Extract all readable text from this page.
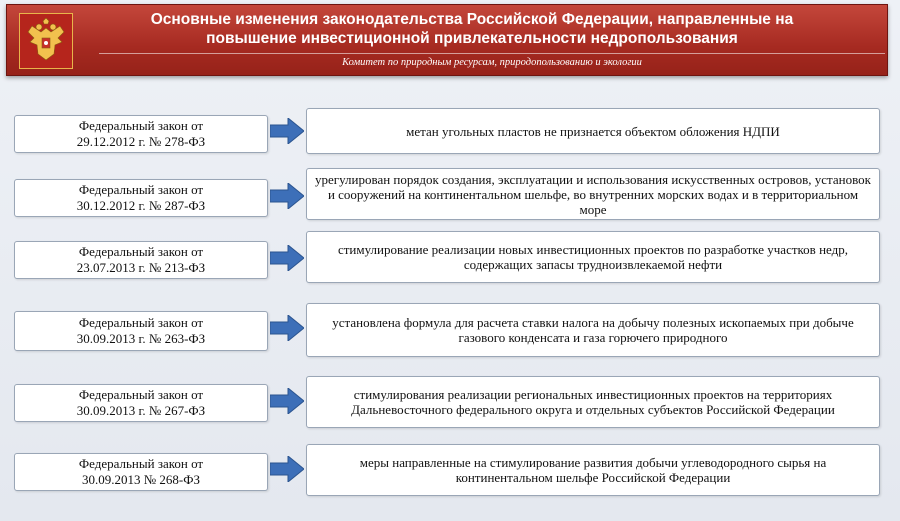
Основные изменения законодательства Российской Федерации, направленные на повышение инвестиционной привлекательности недропользования
Комитет по природным ресурсам, природопользованию и экологии
Федеральный закон от
29.12.2012 г. № 278-ФЗ
метан угольных пластов не признается объектом обложения НДПИ
Федеральный закон от
30.12.2012 г. № 287-ФЗ
урегулирован порядок создания, эксплуатации и использования искусственных островов, установок и сооружений на континентальном шельфе, во внутренних морских водах и в территориальном море
Федеральный закон от
23.07.2013 г. № 213-ФЗ
стимулирование реализации новых инвестиционных проектов по разработке участков недр, содержащих запасы трудноизвлекаемой нефти
Федеральный закон от
30.09.2013 г. № 263-ФЗ
установлена формула для расчета ставки налога на добычу полезных ископаемых при добыче газового конденсата и газа горючего природного
Федеральный закон от
30.09.2013 г. № 267-ФЗ
стимулирования реализации региональных инвестиционных проектов на территориях Дальневосточного федерального округа и отдельных субъектов Российской Федерации
Федеральный закон от
30.09.2013 № 268-ФЗ
меры направленные на стимулирование развития добычи углеводородного сырья на континентальном шельфе Российской Федерации
